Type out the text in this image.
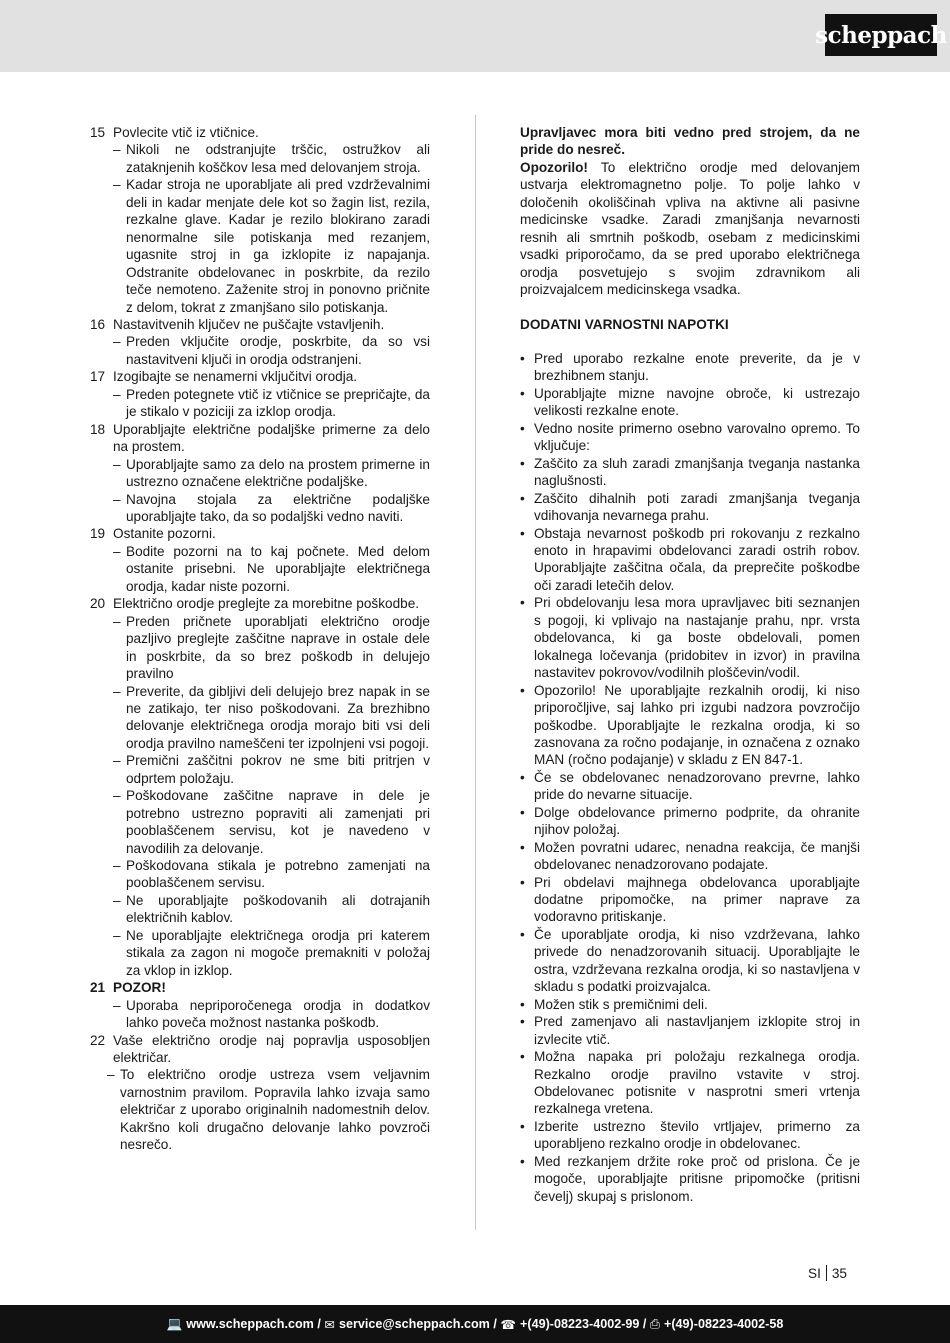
scheppach
15 Povlecite vtič iz vtičnice.
– Nikoli ne odstranjujte trščic, ostružkov ali zataknjenih koščkov lesa med delovanjem stroja.
– Kadar stroja ne uporabljate ali pred vzdrževalnimi deli in kadar menjate dele kot so žagin list, rezila, rezkalne glave. Kadar je rezilo blokirano zaradi nenormalne sile potiskanja med rezanjem, ugasnite stroj in ga izklopite iz napajanja. Odstranite obdelovanec in poskrbite, da rezilo teče nemoteno. Zaženite stroj in ponovno pričnite z delom, tokrat z zmanjšano silo potiskanja.
16 Nastavitvenih ključev ne puščajte vstavljenih.
– Preden vključite orodje, poskrbite, da so vsi nastavitveni ključi in orodja odstranjeni.
17 Izogibajte se nenamerni vključitvi orodja.
– Preden potegnete vtič iz vtičnice se prepričajte, da je stikalo v poziciji za izklop orodja.
18 Uporabljajte električne podaljške primerne za delo na prostem.
– Uporabljajte samo za delo na prostem primerne in ustrezno označene električne podaljške.
– Navojna stojala za električne podaljške uporabljajte tako, da so podaljški vedno naviti.
19 Ostanite pozorni.
– Bodite pozorni na to kaj počnete. Med delom ostanite prisebni. Ne uporabljajte električnega orodja, kadar niste pozorni.
20 Električno orodje preglejte za morebitne poškodbe.
– Preden pričnete uporabljati električno orodje pazljivo preglejte zaščitne naprave in ostale dele in poskrbite, da so brez poškodb in delujejo pravilno
– Preverite, da gibljivi deli delujejo brez napak in se ne zatikajo, ter niso poškodovani. Za brezhibno delovanje električnega orodja morajo biti vsi deli orodja pravilno nameščeni ter izpolnjeni vsi pogoji.
– Premični zaščitni pokrov ne sme biti pritrjen v odprtem položaju.
– Poškodovane zaščitne naprave in dele je potrebno ustrezno popraviti ali zamenjati pri pooblaščenem servisu, kot je navedeno v navodilih za delovanje.
– Poškodovana stikala je potrebno zamenjati na pooblaščenem servisu.
– Ne uporabljajte poškodovanih ali dotrajanih električnih kablov.
– Ne uporabljajte električnega orodja pri katerem stikala za zagon ni mogoče premakniti v položaj za vklop in izklop.
21 POZOR!
– Uporaba nepriporočenega orodja in dodatkov lahko poveča možnost nastanka poškodb.
22 Vaše električno orodje naj popravlja usposobljen električar.
– To električno orodje ustreza vsem veljavnim varnostnim pravilom. Popravila lahko izvaja samo električar z uporabo originalnih nadomestnih delov. Kakršno koli drugačno delovanje lahko povzroči nesrečo.

Upravljavec mora biti vedno pred strojem, da ne pride do nesreč.

Opozorilo! To električno orodje med delovanjem ustvarja elektromagnetno polje. To polje lahko v določenih okoliščinah vpliva na aktivne ali pasivne medicinske vsadke. Zaradi zmanjšanja nevarnosti resnih ali smrtnih poškodb, osebam z medicinskimi vsadki priporočamo, da se pred uporabo električnega orodja posvetujejo s svojim zdravnikom ali proizvajalcem medicinskega vsadka.

DODATNI VARNOSTNI NAPOTKI

• Pred uporabo rezkalne enote preverite, da je v brezhibnem stanju.
• Uporabljajte mizne navojne obroče, ki ustrezajo velikosti rezkalne enote.
• Vedno nosite primerno osebno varovalno opremo. To vključuje:
• Zaščito za sluh zaradi zmanjšanja tveganja nastanka naglušnosti.
• Zaščito dihalnih poti zaradi zmanjšanja tveganja vdihovanja nevarnega prahu.
• Obstaja nevarnost poškodb pri rokovanju z rezkalno enoto in hrapavimi obdelovanci zaradi ostrih robov. Uporabljajte zaščitna očala, da preprečite poškodbe oči zaradi letečih delov.
• Pri obdelovanju lesa mora upravljavec biti seznanjen s pogoji, ki vplivajo na nastajanje prahu, npr. vrsta obdelovanca, ki ga boste obdelovali, pomen lokalnega ločevanja (pridobitev in izvor) in pravilna nastavitev pokrovov/vodilnih ploščevin/vodil.
• Opozorilo! Ne uporabljajte rezkalnih orodij, ki niso priporočljive, saj lahko pri izgubi nadzora povzročijo poškodbe. Uporabljajte le rezkalna orodja, ki so zasnovana za ročno podajanje, in označena z oznako MAN (ročno podajanje) v skladu z EN 847-1.
• Če se obdelovanec nenadzorovano prevrne, lahko pride do nevarne situacije.
• Dolge obdelovance primerno podprite, da ohranite njihov položaj.
• Možen povratni udarec, nenadna reakcija, če manjši obdelovanec nenadzorovano podajate.
• Pri obdelavi majhnega obdelovanca uporabljajte dodatne pripomočke, na primer naprave za vodoravno pritiskanje.
• Če uporabljate orodja, ki niso vzdrževana, lahko privede do nenadzorovanih situacij. Uporabljajte le ostra, vzdrževana rezkalna orodja, ki so nastavljena v skladu s podatki proizvajalca.
• Možen stik s premičnimi deli.
• Pred zamenjavo ali nastavljanjem izklopite stroj in izvlecite vtič.
• Možna napaka pri položaju rezkalnega orodja. Rezkalno orodje pravilno vstavite v stroj. Obdelovanec potisnite v nasprotni smeri vrtenja rezkalnega vretena.
• Izberite ustrezno število vrtljajev, primerno za uporabljeno rezkalno orodje in obdelovanec.
• Med rezkanjem držite roke proč od prislona. Če je mogoče, uporabljajte pritisne pripomočke (pritisni čevelj) skupaj s prislonom.
SI 35
💻 www.scheppach.com / ✉ service@scheppach.com / ☎ +(49)-08223-4002-99 / ⎙ +(49)-08223-4002-58
